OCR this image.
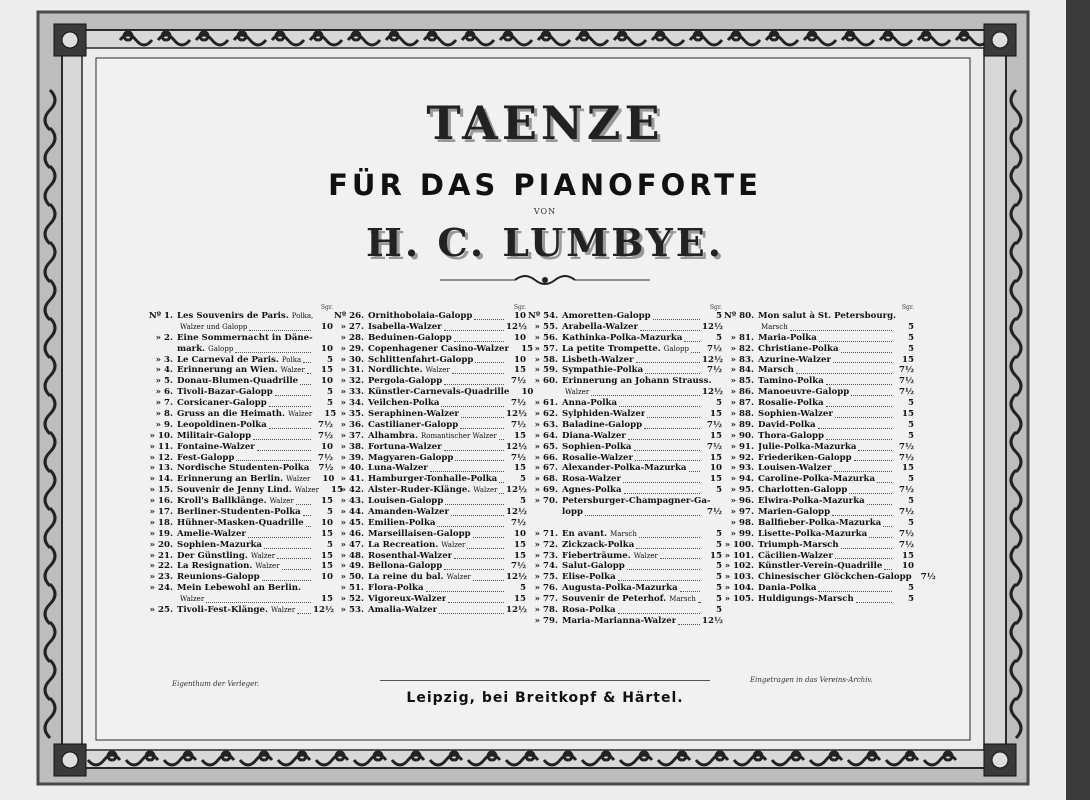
TAENZE
FÜR DAS PIANOFORTE
VON
H. C. LUMBYE.
Sgr.
Nº 1. Les Souvenirs de Paris. Polka,
Walzer und Galopp	10
» 2. Eine Sommernacht in Däne-
mark. Galopp	10
» 3. Le Carneval de Paris. Polka	5
» 4. Erinnerung an Wien. Walzer	15
» 5. Donau-Blumen-Quadrille	10
» 6. Tivoli-Bazar-Galopp	5
» 7. Corsicaner-Galopp	5
» 8. Gruss an die Heimath. Walzer	15
» 9. Leopoldinen-Polka	7½
» 10. Militair-Galopp	7½
» 11. Fontaine-Walzer	10
» 12. Fest-Galopp	7½
» 13. Nordische Studenten-Polka	7½
» 14. Erinnerung an Berlin. Walzer	10
» 15. Souvenir de Jenny Lind. Walzer	15
» 16. Kroll's Ballklänge. Walzer	15
» 17. Berliner-Studenten-Polka	5
» 18. Hühner-Masken-Quadrille	10
» 19. Amelie-Walzer	15
» 20. Sophien-Mazurka	5
» 21. Der Günstling. Walzer	15
» 22. La Resignation. Walzer	15
» 23. Reunions-Galopp	10
» 24. Mein Lebewohl an Berlin.
Walzer	15
» 25. Tivoli-Fest-Klänge. Walzer 12½
Sgr.
Nº 26. Ornithobolaia-Galopp	10
» 27. Isabella-Walzer	12½
» 28. Beduinen-Galopp	10
» 29. Copenhagener Casino-Walzer	15
» 30. Schlittenfahrt-Galopp	10
» 31. Nordlichte. Walzer	15
» 32. Pergola-Galopp	7½
» 33. Künstler-Carnevals-Quadrille	10
» 34. Veilchen-Polka	7½
» 35. Seraphinen-Walzer	12½
» 36. Castilianer-Galopp	7½
» 37. Alhambra. Romantischer Walzer	15
» 38. Fortuna-Walzer	12½
» 39. Magyaren-Galopp	7½
» 40. Luna-Walzer	15
» 41. Hamburger-Tonhalle-Polka	5
» 42. Alster-Ruder-Klänge. Walzer 12½
» 43. Louisen-Galopp	5
» 44. Amanden-Walzer	12½
» 45. Emilien-Polka	7½
» 46. Marseillaisen-Galopp	10
» 47. La Recreation. Walzer	15
» 48. Rosenthal-Walzer	15
» 49. Bellona-Galopp	7½
» 50. La reine du bal. Walzer	12½
» 51. Flora-Polka	5
» 52. Vigoreux-Walzer	15
» 53. Amalia-Walzer	12½
Sgr.
Nº 54. Amoretten-Galopp	5
» 55. Arabella-Walzer	12½
» 56. Kathinka-Polka-Mazurka	5
» 57. La petite Trompette. Galopp	7½
» 58. Lisbeth-Walzer	12½
» 59. Sympathie-Polka	7½
» 60. Erinnerung an Johann Strauss.
Walzer	12½
» 61. Anna-Polka	5
» 62. Sylphiden-Walzer	15
» 63. Baladine-Galopp	7½
» 64. Diana-Walzer	15
» 65. Sophien-Polka	7½
» 66. Rosalie-Walzer	15
» 67. Alexander-Polka-Mazurka	10
» 68. Rosa-Walzer	15
» 69. Agnes-Polka	5
» 70. Petersburger-Champagner-Ga-
lopp	7½
» 71. En avant. Marsch	5
» 72. Zickzack-Polka	5
» 73. Fieberträume. Walzer	15
» 74. Salut-Galopp	5
» 75. Elise-Polka	5
» 76. Augusta-Polka-Mazurka	5
» 77. Souvenir de Peterhof. Marsch	5
» 78. Rosa-Polka	5
» 79. Maria-Marianna-Walzer	12½
Sgr.
Nº 80. Mon salut à St. Petersbourg.
Marsch	5
» 81. Maria-Polka	5
» 82. Christiane-Polka	5
» 83. Azurine-Walzer	15
» 84. Marsch	7½
» 85. Tamino-Polka	7½
» 86. Manoeuvre-Galopp	7½
» 87. Rosalie-Polka	5
» 88. Sophien-Walzer	15
» 89. David-Polka	5
» 90. Thora-Galopp	5
» 91. Julie-Polka-Mazurka	7½
» 92. Friederiken-Galopp	7½
» 93. Louisen-Walzer	15
» 94. Caroline-Polka-Mazurka	5
» 95. Charlotten-Galopp	7½
» 96. Elwira-Polka-Mazurka	5
» 97. Marien-Galopp	7½
» 98. Ballfieber-Polka-Mazurka	5
» 99. Lisette-Polka-Mazurka	7½
» 100. Triumph-Marsch	7½
» 101. Cäcilien-Walzer	15
» 102. Künstler-Verein-Quadrille	10
» 103. Chinesischer Glöckchen-Galopp	7½
» 104. Dania-Polka	5
» 105. Huldigungs-Marsch	5
Eigenthum der Verleger.	Eingetragen in das Vereins-Archiv.
Leipzig, bei Breitkopf & Härtel.
